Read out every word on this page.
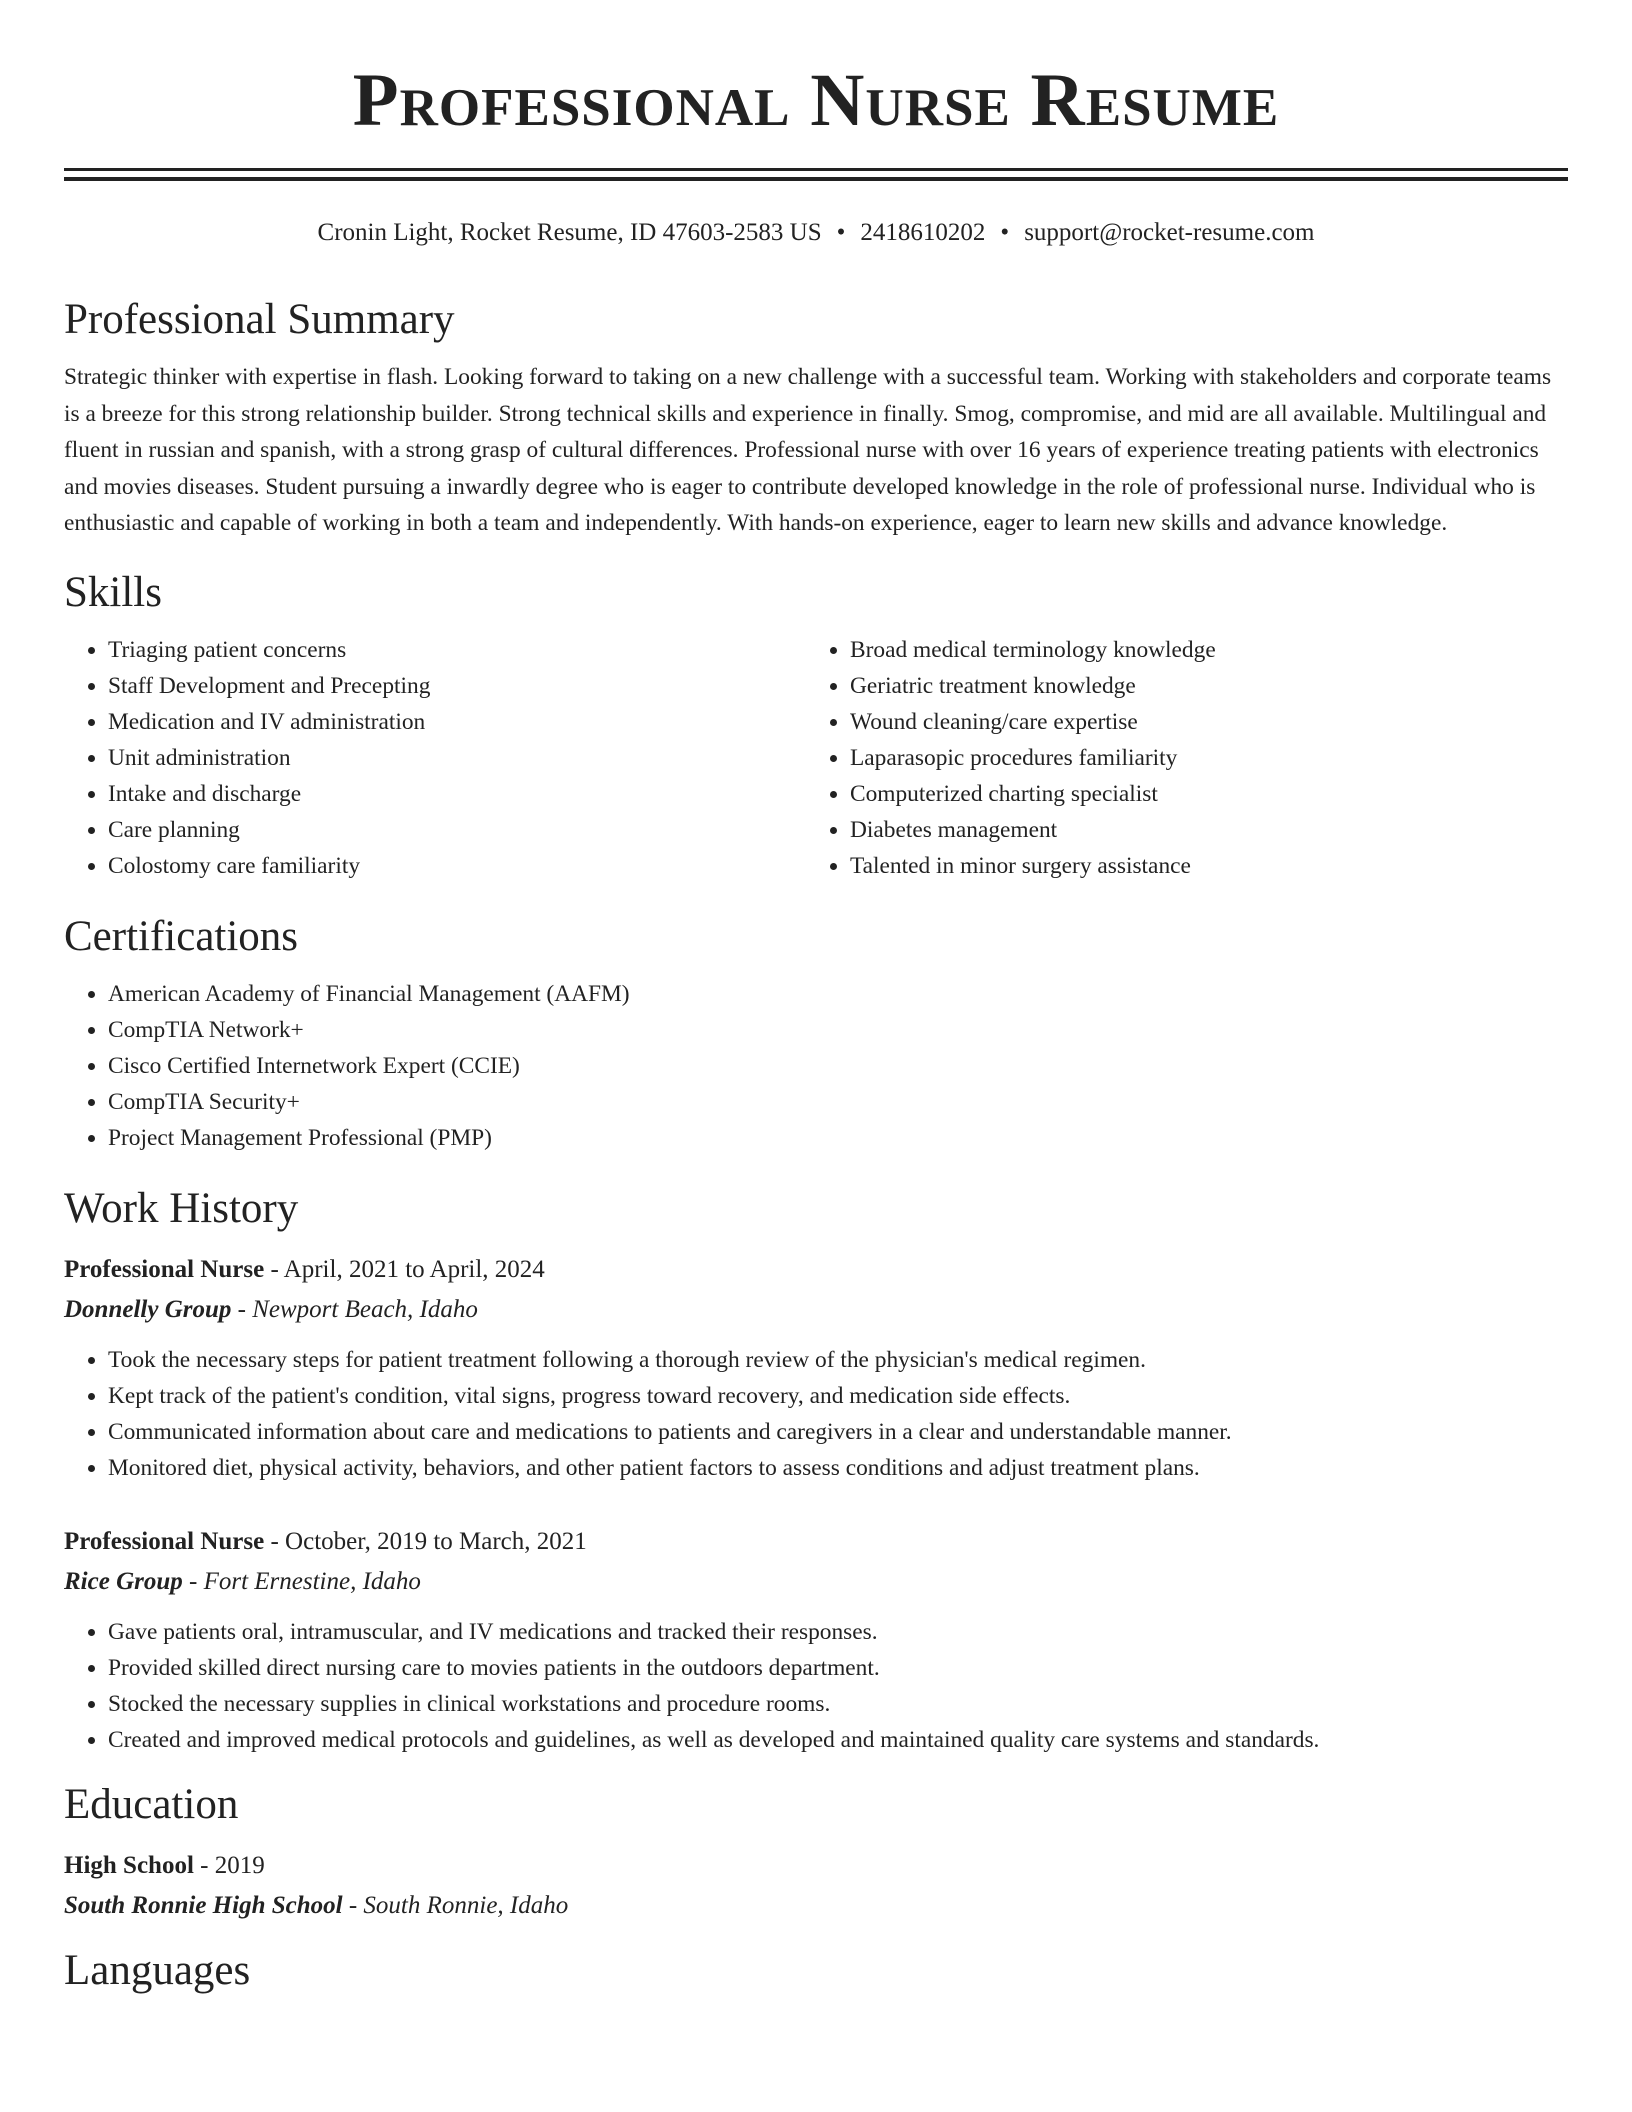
Professional Nurse Resume
Cronin Light, Rocket Resume, ID 47603-2583 US • 2418610202 • support@rocket-resume.com
Professional Summary

Strategic thinker with expertise in flash. Looking forward to taking on a new challenge with a successful team. Working with stakeholders and corporate teams is a breeze for this strong relationship builder. Strong technical skills and experience in finally. Smog, compromise, and mid are all available. Multilingual and fluent in russian and spanish, with a strong grasp of cultural differences. Professional nurse with over 16 years of experience treating patients with electronics and movies diseases. Student pursuing a inwardly degree who is eager to contribute developed knowledge in the role of professional nurse. Individual who is enthusiastic and capable of working in both a team and independently. With hands-on experience, eager to learn new skills and advance knowledge.

Skills
• Triaging patient concerns
• Staff Development and Precepting
• Medication and IV administration
• Unit administration
• Intake and discharge
• Care planning
• Colostomy care familiarity
• Broad medical terminology knowledge
• Geriatric treatment knowledge
• Wound cleaning/care expertise
• Laparasopic procedures familiarity
• Computerized charting specialist
• Diabetes management
• Talented in minor surgery assistance
Certifications
• American Academy of Financial Management (AAFM)
• CompTIA Network+
• Cisco Certified Internetwork Expert (CCIE)
• CompTIA Security+
• Project Management Professional (PMP)
Work History
Professional Nurse - April, 2021 to April, 2024
Donnelly Group - Newport Beach, Idaho
• Took the necessary steps for patient treatment following a thorough review of the physician's medical regimen.
• Kept track of the patient's condition, vital signs, progress toward recovery, and medication side effects.
• Communicated information about care and medications to patients and caregivers in a clear and understandable manner.
• Monitored diet, physical activity, behaviors, and other patient factors to assess conditions and adjust treatment plans.
Professional Nurse - October, 2019 to March, 2021
Rice Group - Fort Ernestine, Idaho
• Gave patients oral, intramuscular, and IV medications and tracked their responses.
• Provided skilled direct nursing care to movies patients in the outdoors department.
• Stocked the necessary supplies in clinical workstations and procedure rooms.
• Created and improved medical protocols and guidelines, as well as developed and maintained quality care systems and standards.
Education
High School - 2019
South Ronnie High School - South Ronnie, Idaho
Languages
